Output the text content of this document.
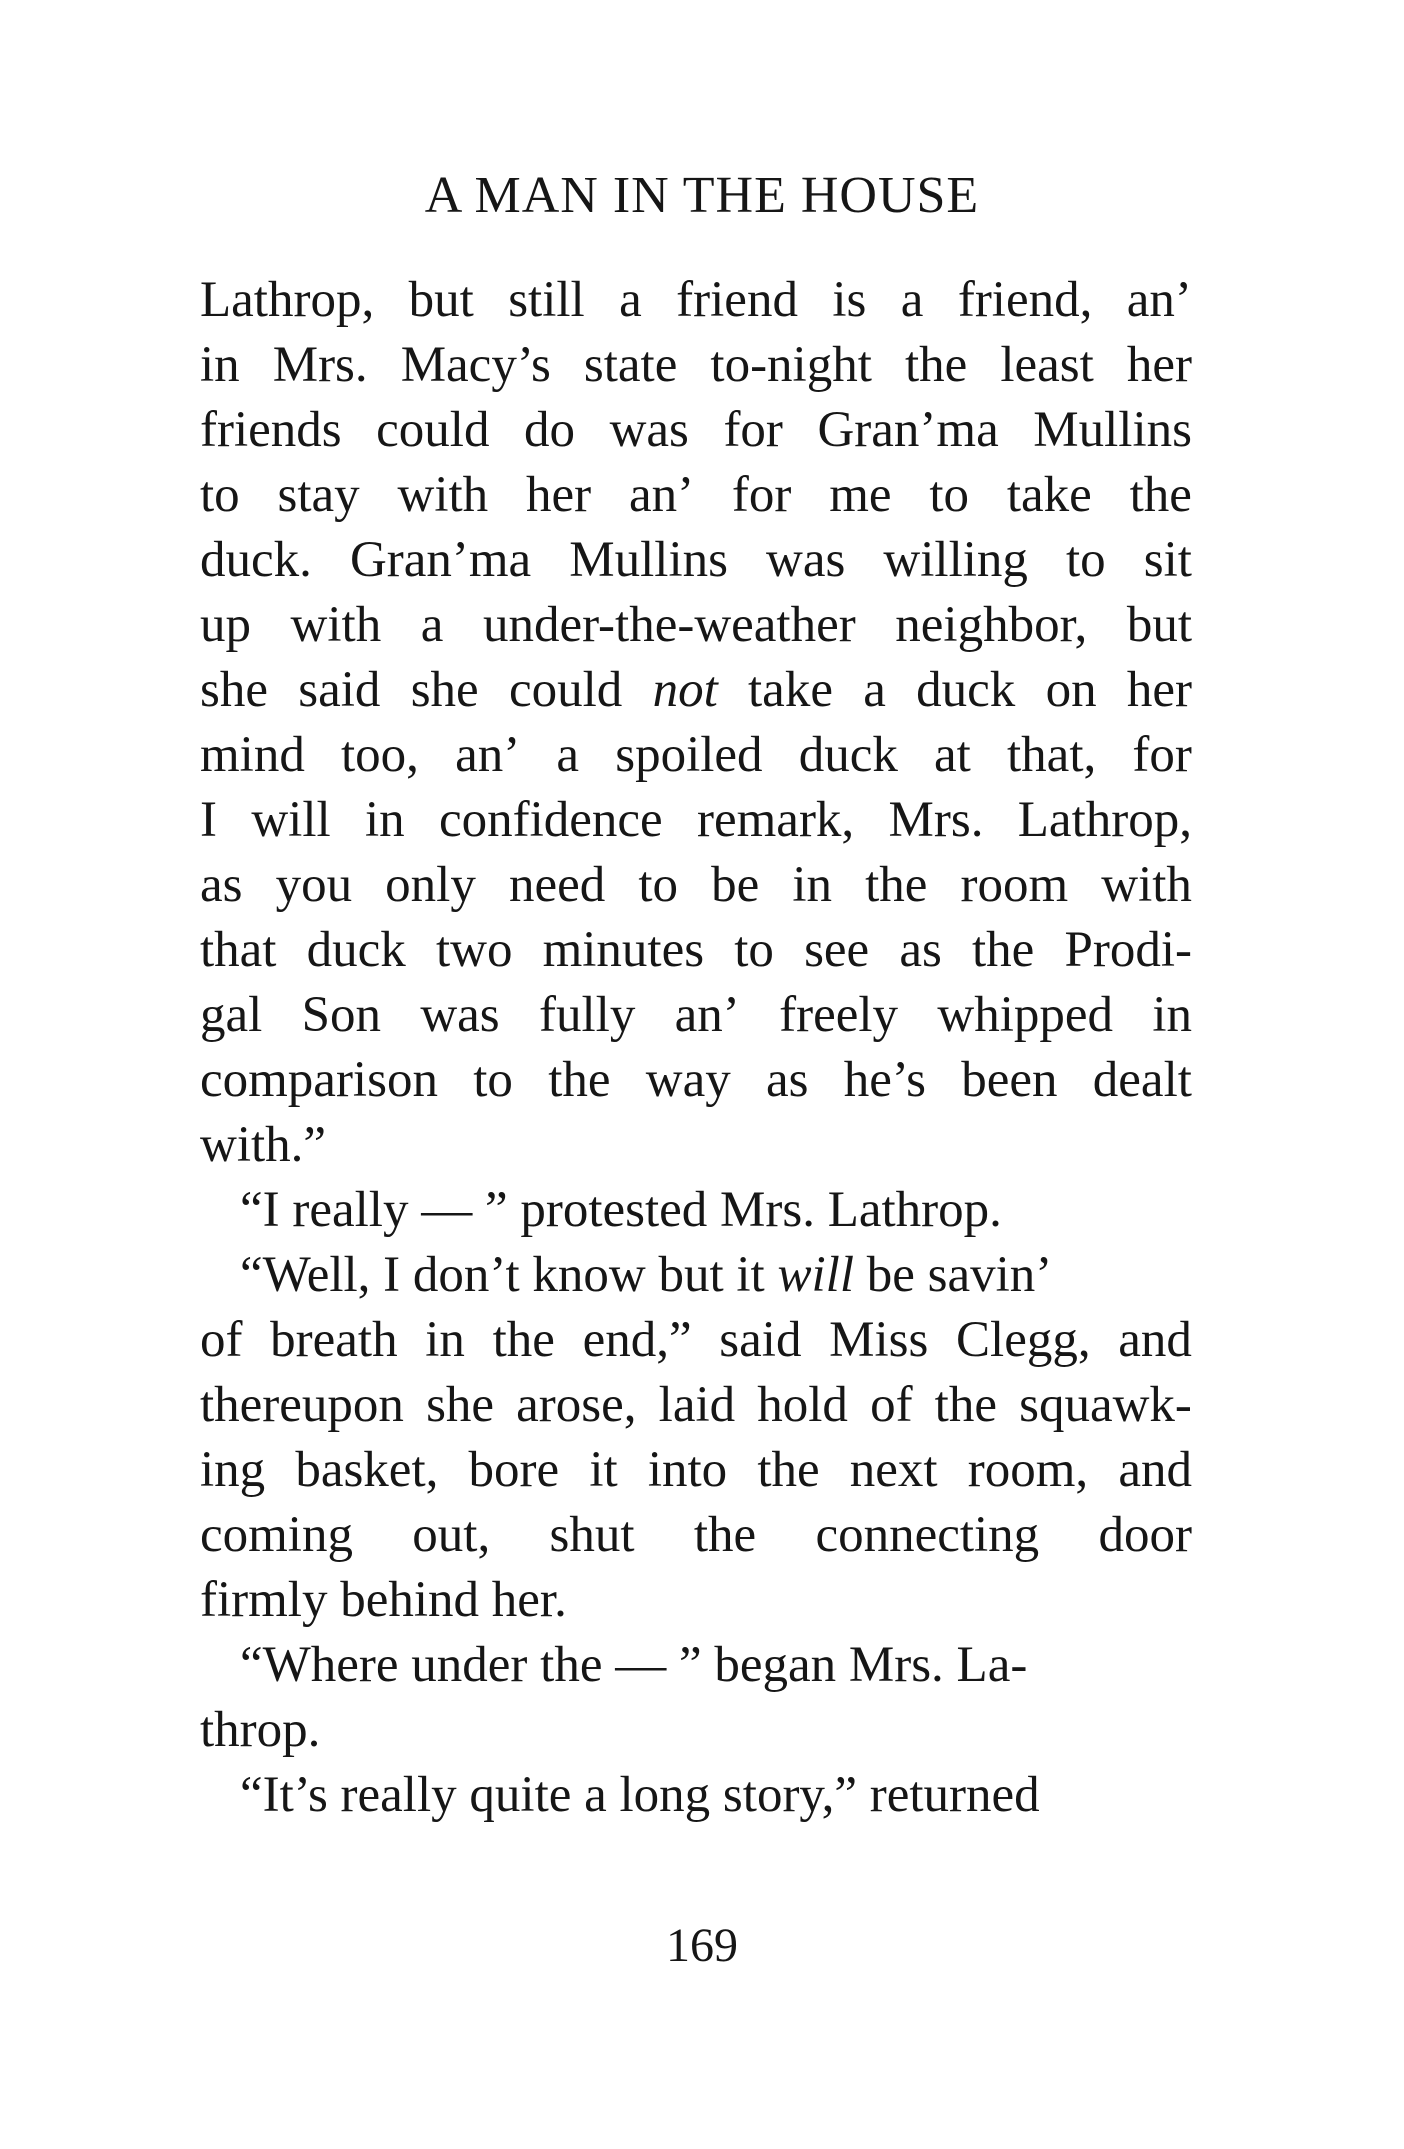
A MAN IN THE HOUSE
Lathrop, but still a friend is a friend, an’
in Mrs. Macy’s state to-night the least her
friends could do was for Gran’ma Mullins
to stay with her an’ for me to take the
duck. Gran’ma Mullins was willing to sit
up with a under-the-weather neighbor, but
she said she could not take a duck on her
mind too, an’ a spoiled duck at that, for
I will in confidence remark, Mrs. Lathrop,
as you only need to be in the room with
that duck two minutes to see as the Prodi-
gal Son was fully an’ freely whipped in
comparison to the way as he’s been dealt
with.”
“I really — ” protested Mrs. Lathrop.
“Well, I don’t know but it will be savin’
of breath in the end,” said Miss Clegg, and
thereupon she arose, laid hold of the squawk-
ing basket, bore it into the next room, and
coming out, shut the connecting door
firmly behind her.
“Where under the — ” began Mrs. La-
throp.
“It’s really quite a long story,” returned
169
